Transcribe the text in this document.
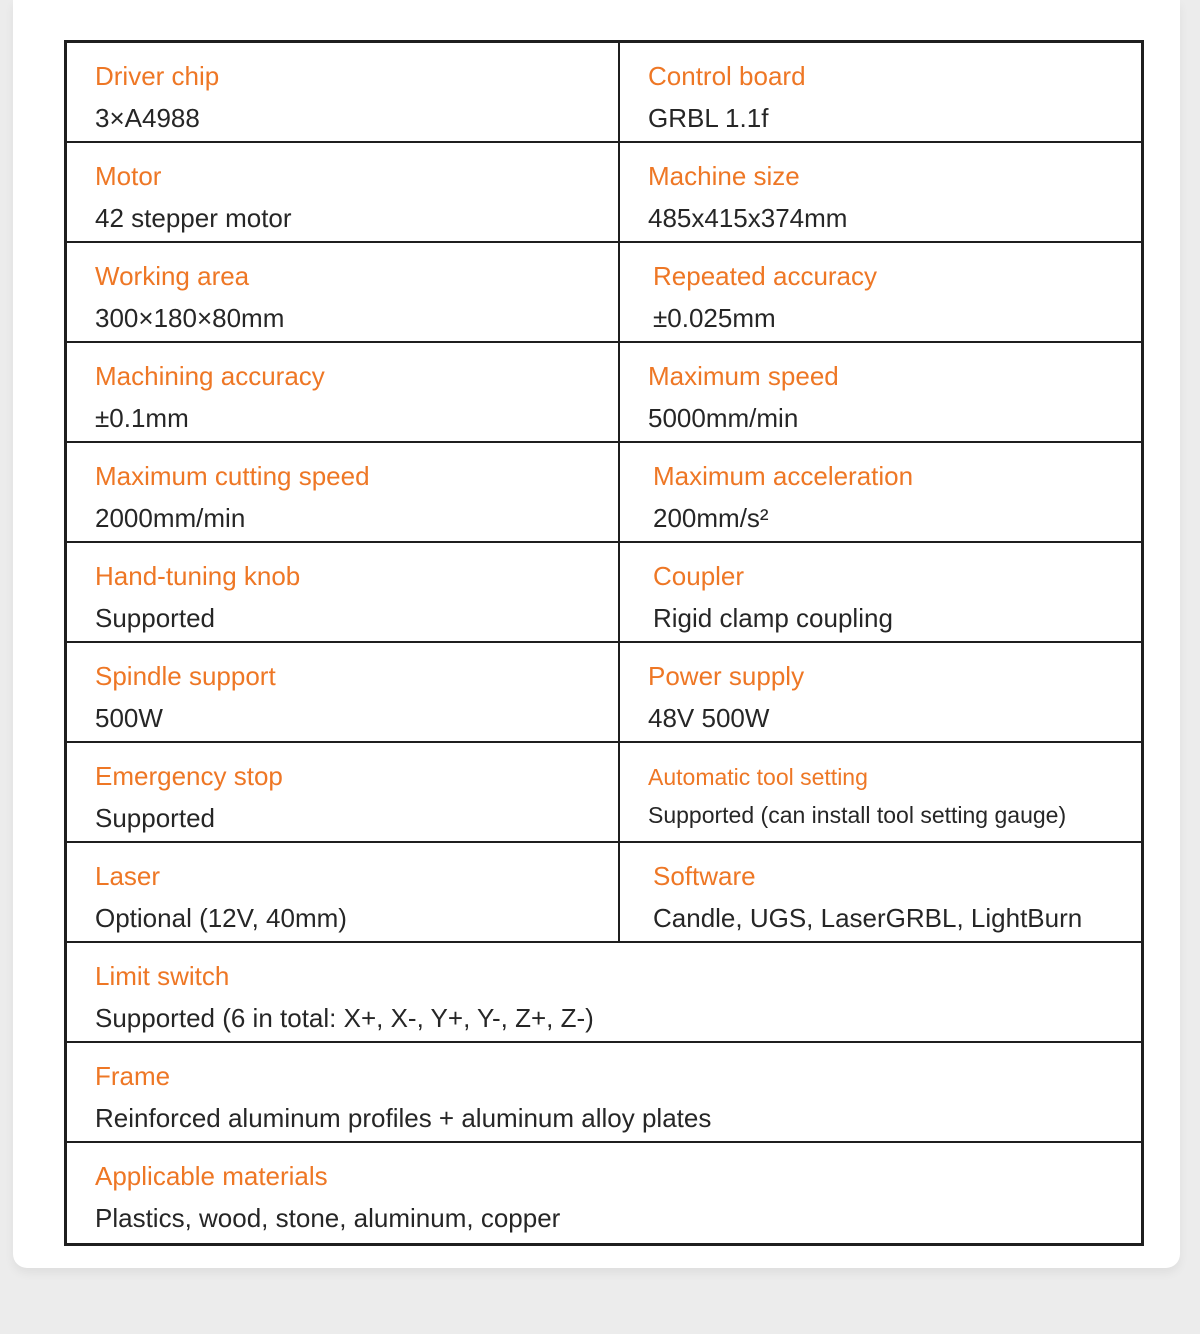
Driver chip
3×A4988
Control board
GRBL 1.1f
Motor
42 stepper motor
Machine size
485x415x374mm
Working area
300×180×80mm
Repeated accuracy
±0.025mm
Machining accuracy
±0.1mm
Maximum speed
5000mm/min
Maximum cutting speed
2000mm/min
Maximum acceleration
200mm/s²
Hand-tuning knob
Supported
Coupler
Rigid clamp coupling
Spindle support
500W
Power supply
48V 500W
Emergency stop
Supported
Automatic tool setting
Supported (can install tool setting gauge)
Laser
Optional (12V, 40mm)
Software
Candle, UGS, LaserGRBL, LightBurn
Limit switch
Supported (6 in total: X+, X-, Y+, Y-, Z+, Z-)
Frame
Reinforced aluminum profiles + aluminum alloy plates
Applicable materials
Plastics, wood, stone, aluminum, copper
